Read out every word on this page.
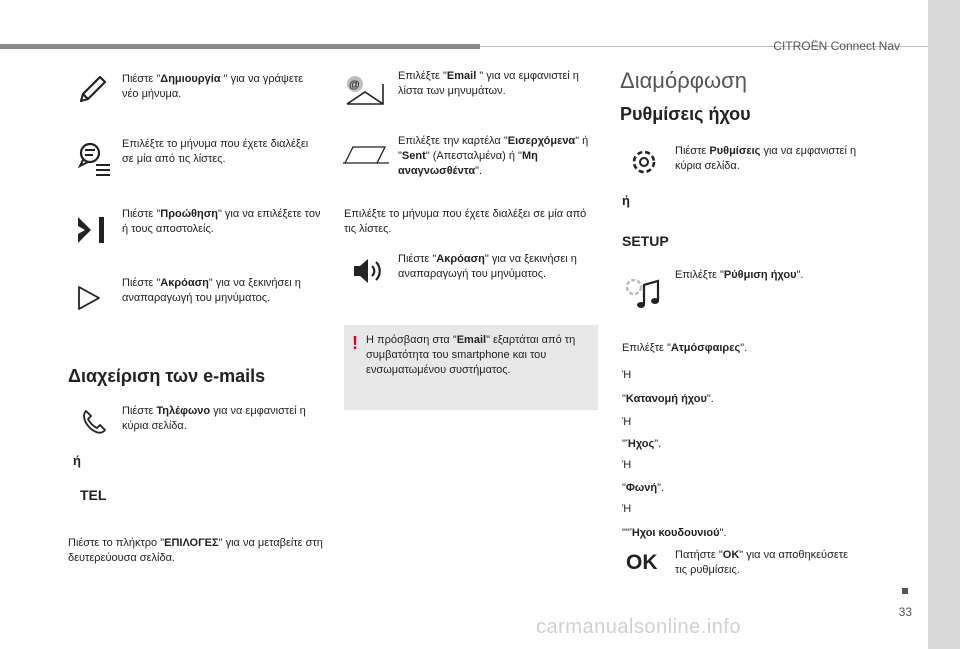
CITROËN Connect Nav
Πιέστε "Δημιουργία " για να γράψετε νέο μήνυμα.
Επιλέξτε το μήνυμα που έχετε διαλέξει σε μία από τις λίστες.
Πιέστε "Προώθηση" για να επιλέξετε τον ή τους αποστολείς.
Πιέστε "Ακρόαση" για να ξεκινήσει η αναπαραγωγή του μηνύματος.
Διαχείριση των e-mails
Πιέστε Τηλέφωνο για να εμφανιστεί η κύρια σελίδα.
ή
TEL
Πιέστε το πλήκτρο "ΕΠΙΛΟΓΕΣ" για να μεταβείτε στη δευτερεύουσα σελίδα.
@
Επιλέξτε "Email " για να εμφανιστεί η λίστα των μηνυμάτων.
Επιλέξτε την καρτέλα "Εισερχόμενα" ή "Sent" (Απεσταλμένα) ή "Μη αναγνωσθέντα".
Επιλέξτε το μήνυμα που έχετε διαλέξει σε μία από τις λίστες.
Πιέστε "Ακρόαση" για να ξεκινήσει η αναπαραγωγή του μηνύματος.
! Η πρόσβαση στα "Email" εξαρτάται από τη συμβατότητα του smartphone και του ενσωματωμένου συστήματος.
Διαμόρφωση
Ρυθμίσεις ήχου
Πιέστε Ρυθμίσεις για να εμφανιστεί η κύρια σελίδα.
ή
SETUP
Επιλέξτε "Ρύθμιση ήχου".
Επιλέξτε "Ατμόσφαιρες".
Ή
"Κατανομή ήχου".
Ή
"Ήχος".
Ή
"Φωνή".
Ή
""Ήχοι κουδουνιού".
OK Πατήστε "OK" για να αποθηκεύσετε τις ρυθμίσεις.
33
carmanualsonline.info
